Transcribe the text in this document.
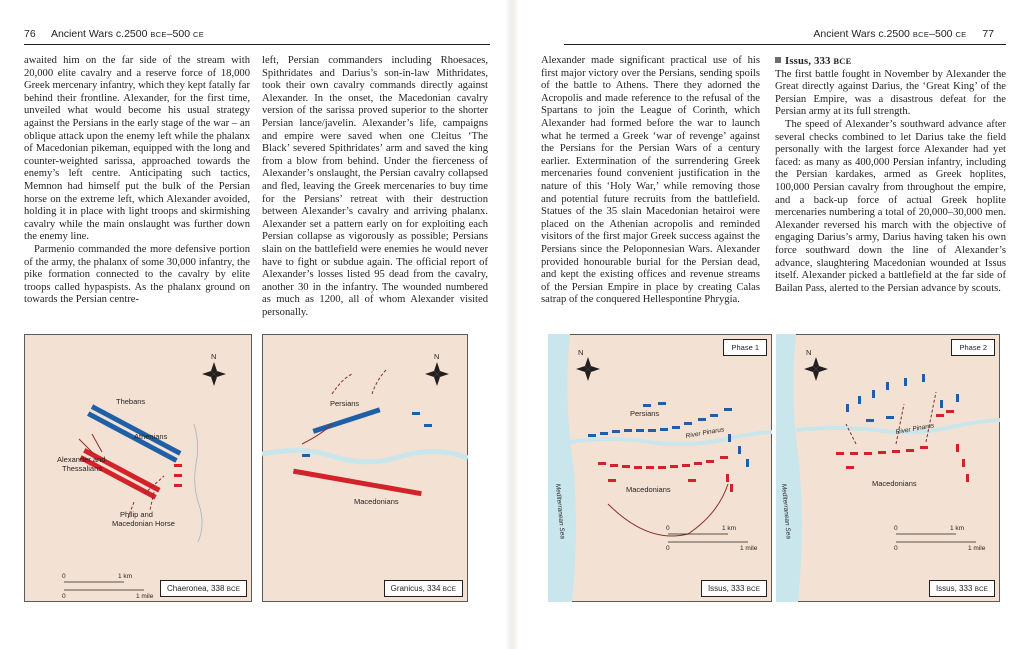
76 Ancient Wars c.2500 BCE–500 CE

awaited him on the far side of the stream with 20,000 elite cavalry and a reserve force of 18,000 Greek mercenary infantry, which they kept fatally far behind their frontline. Alexander, for the first time, unveiled what would become his usual strategy against the Persians in the early stage of the war – an oblique attack upon the enemy left while the phalanx of Macedonian pikeman, equipped with the long and counter-weighted sarissa, approached towards the enemy’s left centre. Anticipating such tactics, Memnon had himself put the bulk of the Persian horse on the extreme left, which Alexander avoided, holding it in place with light troops and skirmishing cavalry while the main onslaught was further down the enemy line.

Parmenio commanded the more defensive portion of the army, the phalanx of some 30,000 infantry, the pike formation connected to the cavalry by elite troops called hypaspists. As the phalanx ground on towards the Persian centre-

left, Persian commanders including Rhoesaces, Spithridates and Darius’s son-in-law Mithridates, took their own cavalry commands directly against Alexander. In the onset, the Macedonian cavalry version of the sarissa proved superior to the shorter Persian lance/javelin. Alexander’s life, campaigns and empire were saved when one Cleitus ‘The Black’ severed Spithridates’ arm and saved the king from a blow from behind. Under the fierceness of Alexander’s onslaught, the Persian cavalry collapsed and fled, leaving the Greek mercenaries to buy time for the Persians’ retreat with their destruction between Alexander’s cavalry and arriving phalanx. Alexander set a pattern early on for exploiting each Persian collapse as vigorously as possible; Persians slain on the battlefield were enemies he would never have to fight or subdue again. The official report of Alexander’s losses listed 95 dead from the cavalry, another 30 in the infantry. The wounded numbered as much as 1200, all of whom Alexander visited personally.

N
Thebans
Athenians
Alexander and
Thessalians
Philip and
Macedonian Horse
0	1 km
0	1 mile
Chaeronea, 338 BCE
N
Persians
Macedonians
Granicus, 334 BCE
Ancient Wars c.2500 BCE–500 CE 77

Alexander made significant practical use of his first major victory over the Persians, sending spoils of the battle to Athens. There they adorned the Acropolis and made reference to the refusal of the Spartans to join the League of Corinth, which Alexander had formed before the war to launch what he termed a Greek ‘war of revenge’ against the Persians for the Persian Wars of a century earlier. Extermination of the surrendering Greek mercenaries found convenient justification in the nature of this ‘Holy War,’ while removing those and potential future recruits from the battlefield. Statues of the 35 slain Macedonian hetairoi were placed on the Athenian acropolis and reminded visitors of the first major Greek success against the Persians since the Peloponnesian Wars. Alexander provided honourable burial for the Persian dead, and kept the existing offices and revenue streams of the Persian Empire in place by creating Calas satrap of the conquered Hellespontine Phrygia.

Issus, 333 BCE

The first battle fought in November by Alexander the Great directly against Darius, the ‘Great King’ of the Persian Empire, was a disastrous defeat for the Persian army at its full strength.

The speed of Alexander’s southward advance after several checks combined to let Darius take the field personally with the largest force Alexander had yet faced: as many as 400,000 Persian infantry, including the Persian kardakes, armed as Greek hoplites, 100,000 Persian cavalry from throughout the empire, and a back-up force of actual Greek hoplite mercenaries numbering a total of 20,000–30,000 men. Alexander reversed his march with the objective of engaging Darius’s army, Darius having taken his own force southward down the line of Alexander’s advance, slaughtering Macedonian wounded at Issus itself. Alexander picked a battlefield at the far side of Bailan Pass, alerted to the Persian advance by scouts.

N
Persians
River Pinarus
Macedonians
Mediterranean Sea	0	1 km
0	1 mile
Phase 1
Issus, 333 BCE
N
River Pinarus
Macedonians
Mediterranean Sea	0	1 km
0	1 mile
Phase 2
Issus, 333 BCE
